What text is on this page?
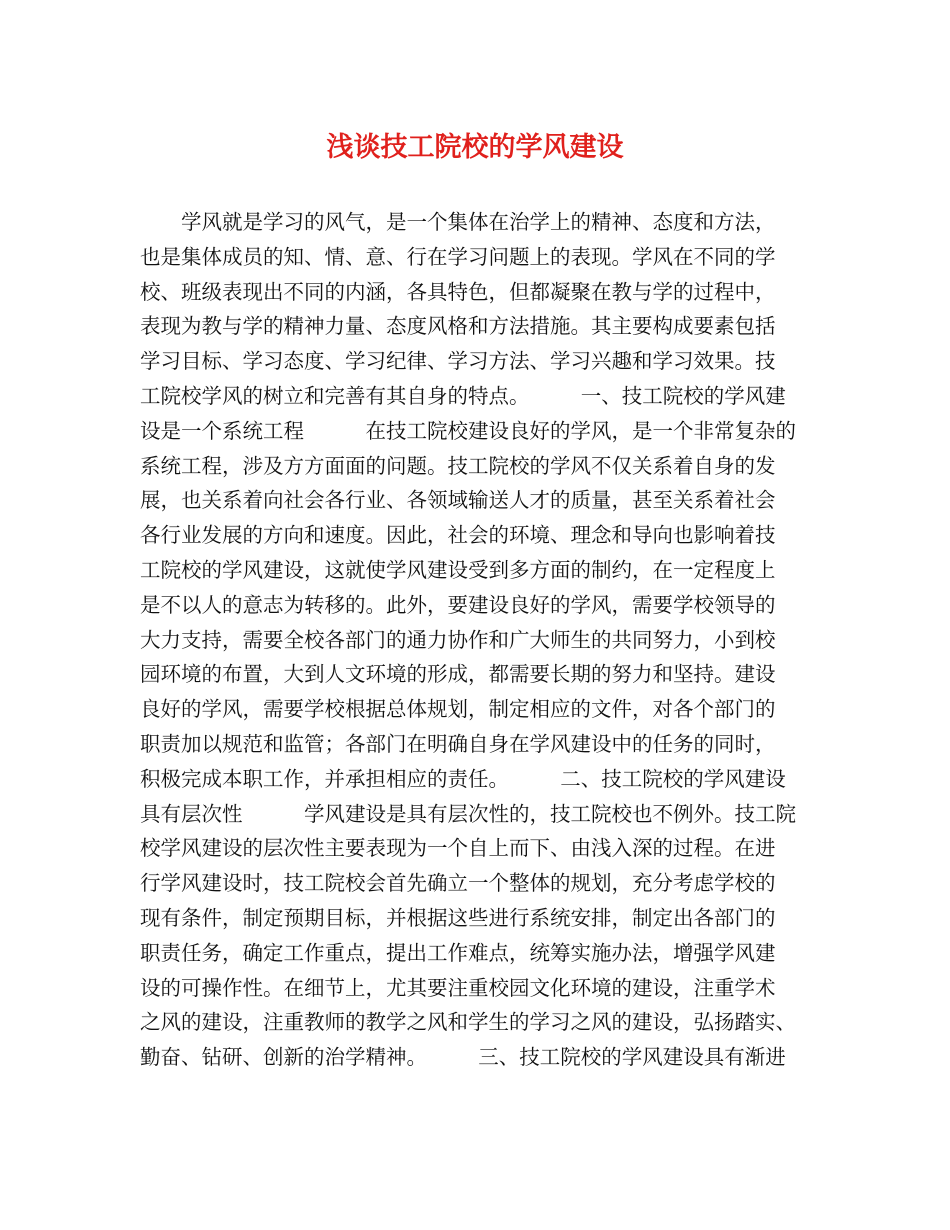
浅谈技工院校的学风建设
　　学风就是学习的风气，是一个集体在治学上的精神、态度和方法，
也是集体成员的知、情、意、行在学习问题上的表现。学风在不同的学
校、班级表现出不同的内涵，各具特色，但都凝聚在教与学的过程中，
表现为教与学的精神力量、态度风格和方法措施。其主要构成要素包括
学习目标、学习态度、学习纪律、学习方法、学习兴趣和学习效果。技
工院校学风的树立和完善有其自身的特点。　　　一、技工院校的学风建
设是一个系统工程　　　在技工院校建设良好的学风，是一个非常复杂的
系统工程，涉及方方面面的问题。技工院校的学风不仅关系着自身的发
展，也关系着向社会各行业、各领域输送人才的质量，甚至关系着社会
各行业发展的方向和速度。因此，社会的环境、理念和导向也影响着技
工院校的学风建设，这就使学风建设受到多方面的制约，在一定程度上
是不以人的意志为转移的。此外，要建设良好的学风，需要学校领导的
大力支持，需要全校各部门的通力协作和广大师生的共同努力，小到校
园环境的布置，大到人文环境的形成，都需要长期的努力和坚持。建设
良好的学风，需要学校根据总体规划，制定相应的文件，对各个部门的
职责加以规范和监管；各部门在明确自身在学风建设中的任务的同时，
积极完成本职工作，并承担相应的责任。　　　二、技工院校的学风建设
具有层次性　　　学风建设是具有层次性的，技工院校也不例外。技工院
校学风建设的层次性主要表现为一个自上而下、由浅入深的过程。在进
行学风建设时，技工院校会首先确立一个整体的规划，充分考虑学校的
现有条件，制定预期目标，并根据这些进行系统安排，制定出各部门的
职责任务，确定工作重点，提出工作难点，统筹实施办法，增强学风建
设的可操作性。在细节上，尤其要注重校园文化环境的建设，注重学术
之风的建设，注重教师的教学之风和学生的学习之风的建设，弘扬踏实、
勤奋、钻研、创新的治学精神。　　　三、技工院校的学风建设具有渐进
